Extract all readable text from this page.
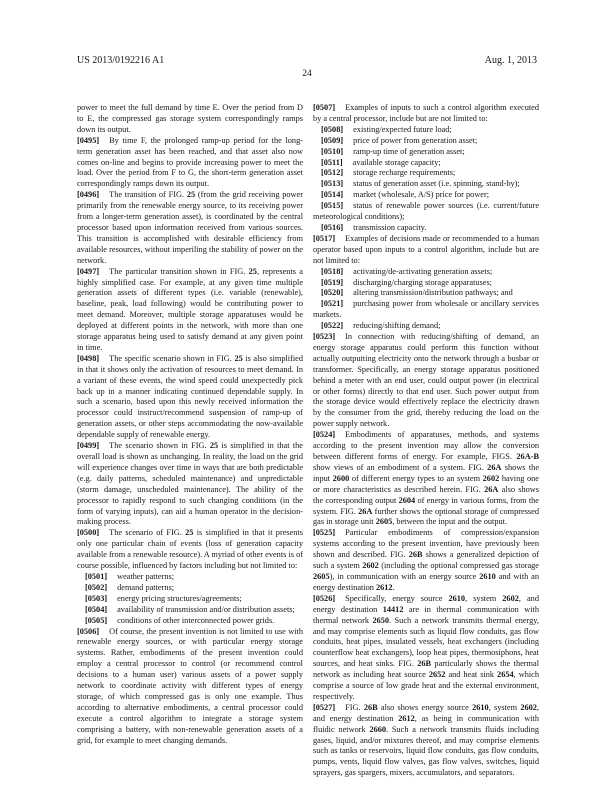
US 2013/0192216 A1	Aug. 1, 2013
24

power to meet the full demand by time E. Over the period from D to E, the compressed gas storage system correspondingly ramps down its output.

[0495] By time F, the prolonged ramp-up period for the long-term generation asset has been reached, and that asset also now comes on-line and begins to provide increasing power to meet the load. Over the period from F to G, the short-term generation asset correspondingly ramps down its output.

[0496] The transition of FIG. 25 (from the grid receiving power primarily from the renewable energy source, to its receiving power from a longer-term generation asset), is coordinated by the central processor based upon information received from various sources. This transition is accomplished with desirable efficiency from available resources, without imperiling the stability of power on the network.

[0497] The particular transition shown in FIG. 25, represents a highly simplified case. For example, at any given time multiple generation assets of different types (i.e. variable (renewable), baseline, peak, load following) would be contributing power to meet demand. Moreover, multiple storage apparatuses would be deployed at different points in the network, with more than one storage apparatus being used to satisfy demand at any given point in time.

[0498] The specific scenario shown in FIG. 25 is also simplified in that it shows only the activation of resources to meet demand. In a variant of these events, the wind speed could unexpectedly pick back up in a manner indicating continued dependable supply. In such a scenario, based upon this newly received information the processor could instruct/recommend suspension of ramp-up of generation assets, or other steps accommodating the now-available dependable supply of renewable energy.

[0499] The scenario shown in FIG. 25 is simplified in that the overall load is shown as unchanging. In reality, the load on the grid will experience changes over time in ways that are both predictable (e.g. daily patterns, scheduled maintenance) and unpredictable (storm damage, unscheduled maintenance). The ability of the processor to rapidly respond to such changing conditions (in the form of varying inputs), can aid a human operator in the decision-making process.

[0500] The scenario of FIG. 25 is simplified in that it presents only one particular chain of events (loss of generation capacity available from a renewable resource). A myriad of other events is of course possible, influenced by factors including but not limited to:

[0501] weather patterns;

[0502] demand patterns;

[0503] energy pricing structures/agreements;

[0504] availability of transmission and/or distribution assets;

[0505] conditions of other interconnected power grids.

[0506] Of course, the present invention is not limited to use with renewable energy sources, or with particular energy storage systems. Rather, embodiments of the present invention could employ a central processor to control (or recommend control decisions to a human user) various assets of a power supply network to coordinate activity with different types of energy storage, of which compressed gas is only one example. Thus according to alternative embodiments, a central processor could execute a control algorithm to integrate a storage system comprising a battery, with non-renewable generation assets of a grid, for example to meet changing demands.

[0507] Examples of inputs to such a control algorithm executed by a central processor, include but are not limited to:

[0508] existing/expected future load;

[0509] price of power from generation asset;

[0510] ramp-up time of generation asset;

[0511] available storage capacity;

[0512] storage recharge requirements;

[0513] status of generation asset (i.e. spinning, stand-by);

[0514] market (wholesale, A/S) price for power;

[0515] status of renewable power sources (i.e. current/future meteorological conditions);

[0516] transmission capacity.

[0517] Examples of decisions made or recommended to a human operator based upon inputs to a control algorithm, include but are not limited to:

[0518] activating/de-activating generation assets;

[0519] discharging/charging storage apparatuses;

[0520] altering transmission/distribution pathways; and

[0521] purchasing power from wholesale or ancillary services markets.

[0522] reducing/shifting demand;

[0523] In connection with reducing/shifting of demand, an energy storage apparatus could perform this function without actually outputting electricity onto the network through a busbar or transformer. Specifically, an energy storage apparatus positioned behind a meter with an end user, could output power (in electrical or other forms) directly to that end user. Such power output from the storage device would effectively replace the electricity drawn by the consumer from the grid, thereby reducing the load on the power supply network.

[0524] Embodiments of apparatuses, methods, and systems according to the present invention may allow the conversion between different forms of energy. For example, FIGS. 26A-B show views of an embodiment of a system. FIG. 26A shows the input 2600 of different energy types to an system 2602 having one or more characteristics as described herein. FIG. 26A also shows the corresponding output 2604 of energy in various forms, from the system. FIG. 26A further shows the optional storage of compressed gas in storage unit 2605, between the input and the output.

[0525] Particular embodiments of compression/expansion systems according to the present invention, have previously been shown and described. FIG. 26B shows a generalized depiction of such a system 2602 (including the optional compressed gas storage 2605), in communication with an energy source 2610 and with an energy destination 2612.

[0526] Specifically, energy source 2610, system 2602, and energy destination 14412 are in thermal communication with thermal network 2650. Such a network transmits thermal energy, and may comprise elements such as liquid flow conduits, gas flow conduits, heat pipes, insulated vessels, heat exchangers (including counterflow heat exchangers), loop heat pipes, thermosiphons, heat sources, and heat sinks. FIG. 26B particularly shows the thermal network as including heat source 2652 and heat sink 2654, which comprise a source of low grade heat and the external environment, respectively.

[0527] FIG. 26B also shows energy source 2610, system 2602, and energy destination 2612, as being in communication with fluidic network 2660. Such a network transmits fluids including gases, liquid, and/or mixtures thereof, and may comprise elements such as tanks or reservoirs, liquid flow conduits, gas flow conduits, pumps, vents, liquid flow valves, gas flow valves, switches, liquid sprayers, gas spargers, mixers, accumulators, and separators.
